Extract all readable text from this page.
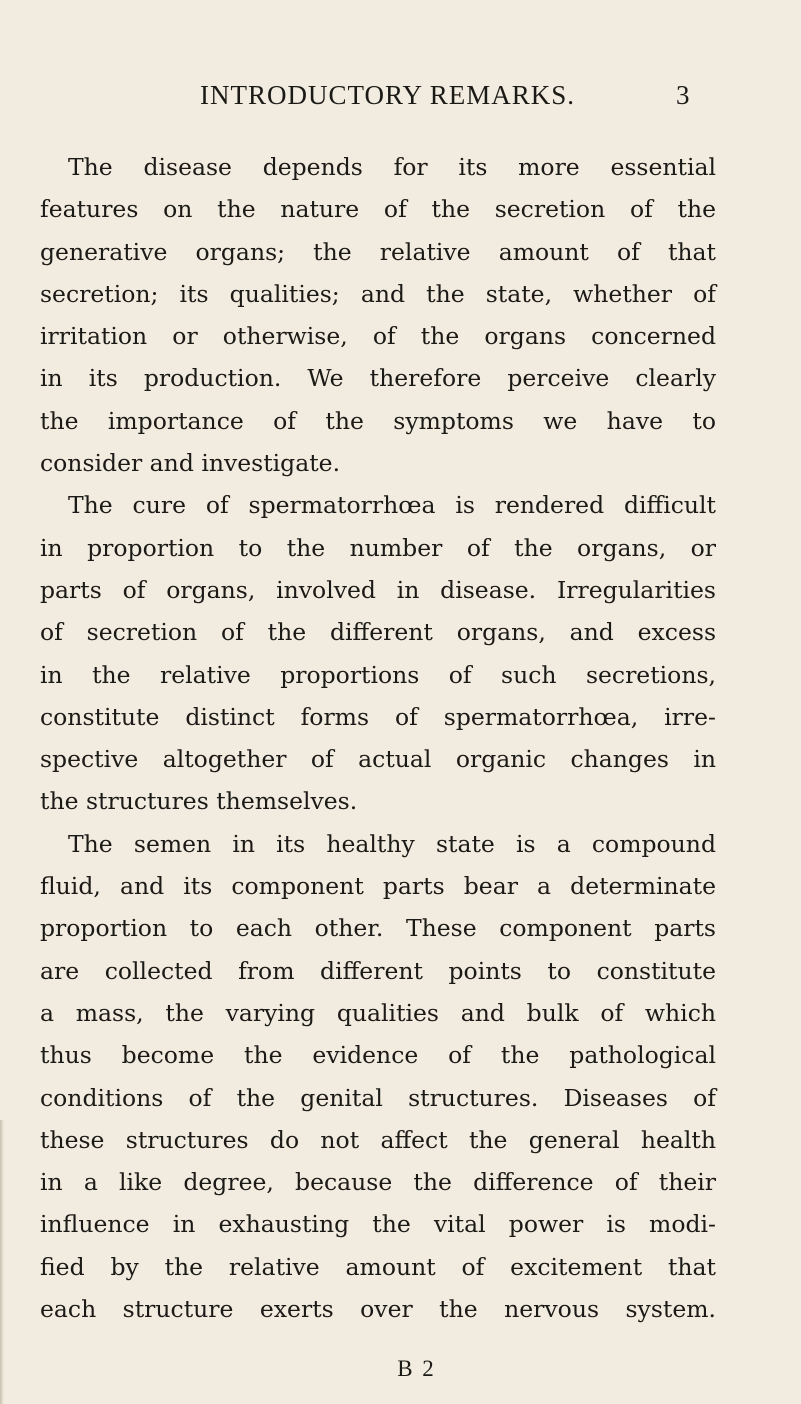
INTRODUCTORY REMARKS.	3
The disease depends for its more essential
features on the nature of the secretion of the
generative organs; the relative amount of that
secretion; its qualities; and the state, whether of
irritation or otherwise, of the organs concerned
in its production. We therefore perceive clearly
the importance of the symptoms we have to
consider and investigate.
The cure of spermatorrhœa is rendered difficult
in proportion to the number of the organs, or
parts of organs, involved in disease. Irregularities
of secretion of the different organs, and excess
in the relative proportions of such secretions,
constitute distinct forms of spermatorrhœa, irre-
spective altogether of actual organic changes in
the structures themselves.
The semen in its healthy state is a compound
fluid, and its component parts bear a determinate
proportion to each other. These component parts
are collected from different points to constitute
a mass, the varying qualities and bulk of which
thus become the evidence of the pathological
conditions of the genital structures. Diseases of
these structures do not affect the general health
in a like degree, because the difference of their
influence in exhausting the vital power is modi-
fied by the relative amount of excitement that
each structure exerts over the nervous system.
B 2
